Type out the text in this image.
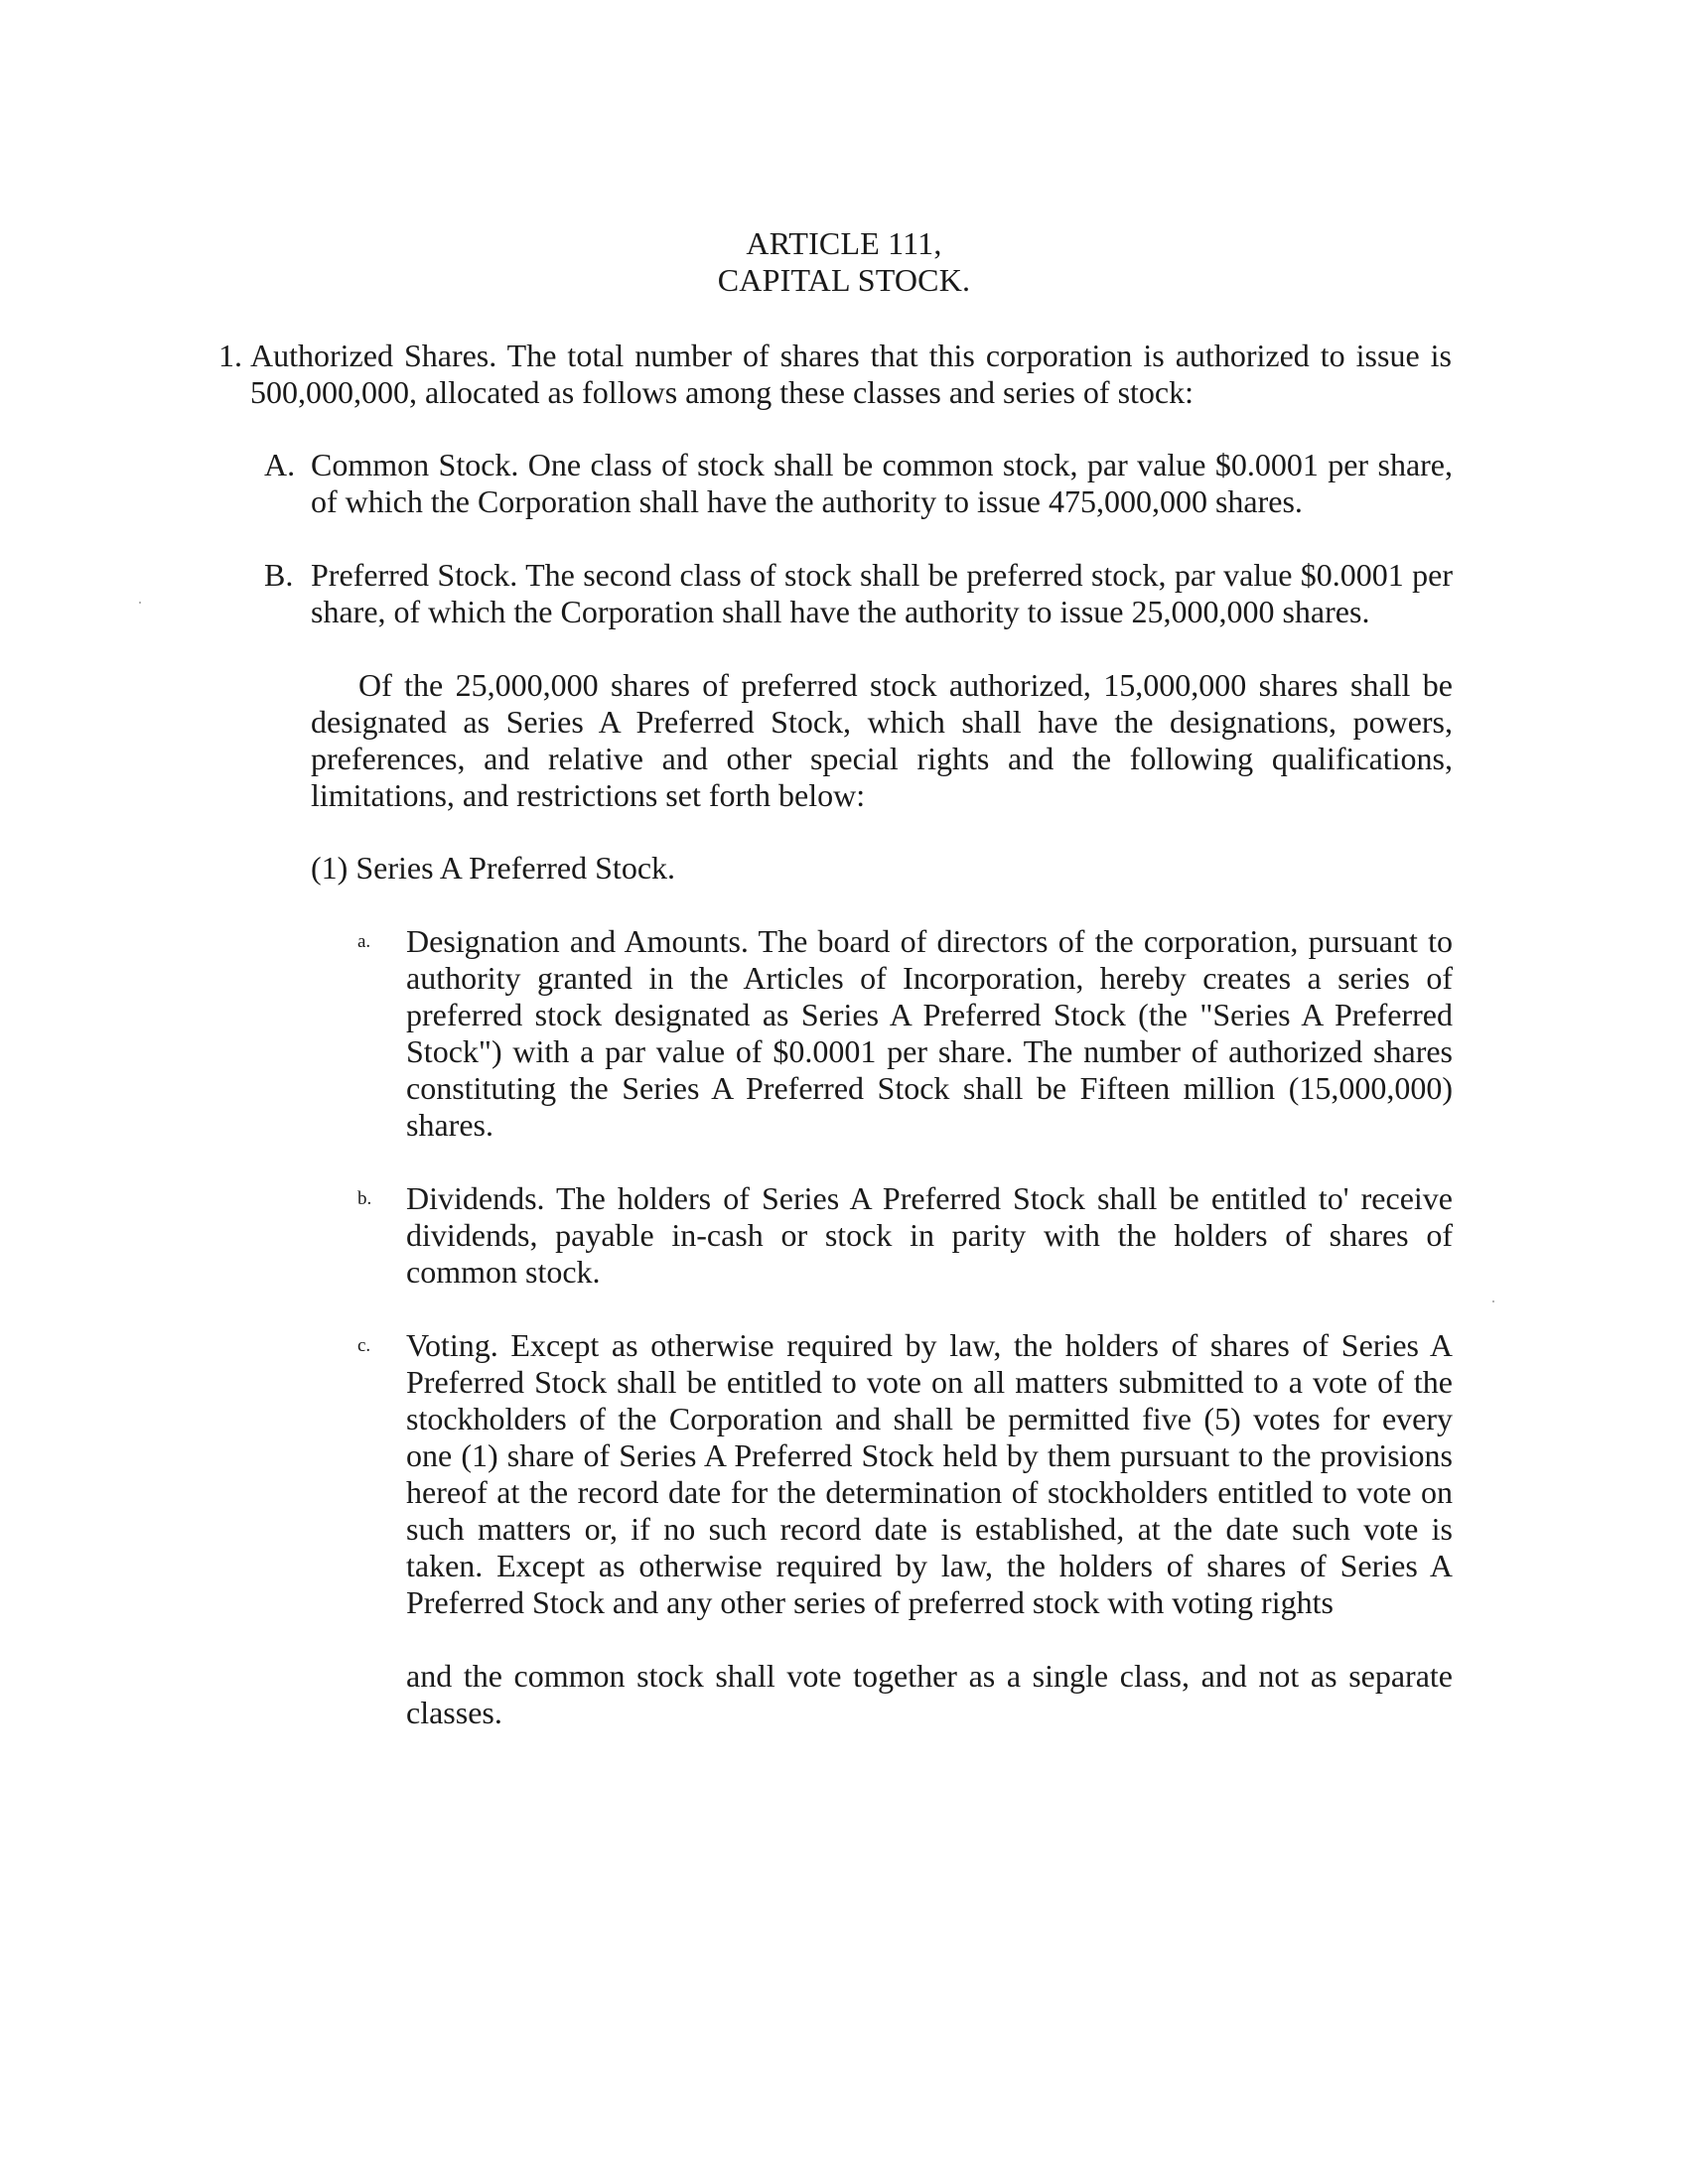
ARTICLE 111,
CAPITAL STOCK.
1. Authorized Shares. The total number of shares that this corporation is authorized to issue is 500,000,000, allocated as follows among these classes and series of stock:

A. Common Stock. One class of stock shall be common stock, par value $0.0001 per share, of which the Corporation shall have the authority to issue 475,000,000 shares.

B. Preferred Stock. The second class of stock shall be preferred stock, par value $0.0001 per share, of which the Corporation shall have the authority to issue 25,000,000 shares.

Of the 25,000,000 shares of preferred stock authorized, 15,000,000 shares shall be designated as Series A Preferred Stock, which shall have the designations, powers, preferences, and relative and other special rights and the following qualifications, limitations, and restrictions set forth below:

(1) Series A Preferred Stock.

a. Designation and Amounts. The board of directors of the corporation, pursuant to authority granted in the Articles of Incorporation, hereby creates a series of preferred stock designated as Series A Preferred Stock (the "Series A Preferred Stock") with a par value of $0.0001 per share. The number of authorized shares constituting the Series A Preferred Stock shall be Fifteen million (15,000,000) shares.

b. Dividends. The holders of Series A Preferred Stock shall be entitled to' receive dividends, payable in-cash or stock in parity with the holders of shares of common stock.

c. Voting. Except as otherwise required by law, the holders of shares of Series A Preferred Stock shall be entitled to vote on all matters submitted to a vote of the stockholders of the Corporation and shall be permitted five (5) votes for every one (1) share of Series A Preferred Stock held by them pursuant to the provisions hereof at the record date for the determination of stockholders entitled to vote on such matters or, if no such record date is established, at the date such vote is taken. Except as otherwise required by law, the holders of shares of Series A Preferred Stock and any other series of preferred stock with voting rights

and the common stock shall vote together as a single class, and not as separate classes.
